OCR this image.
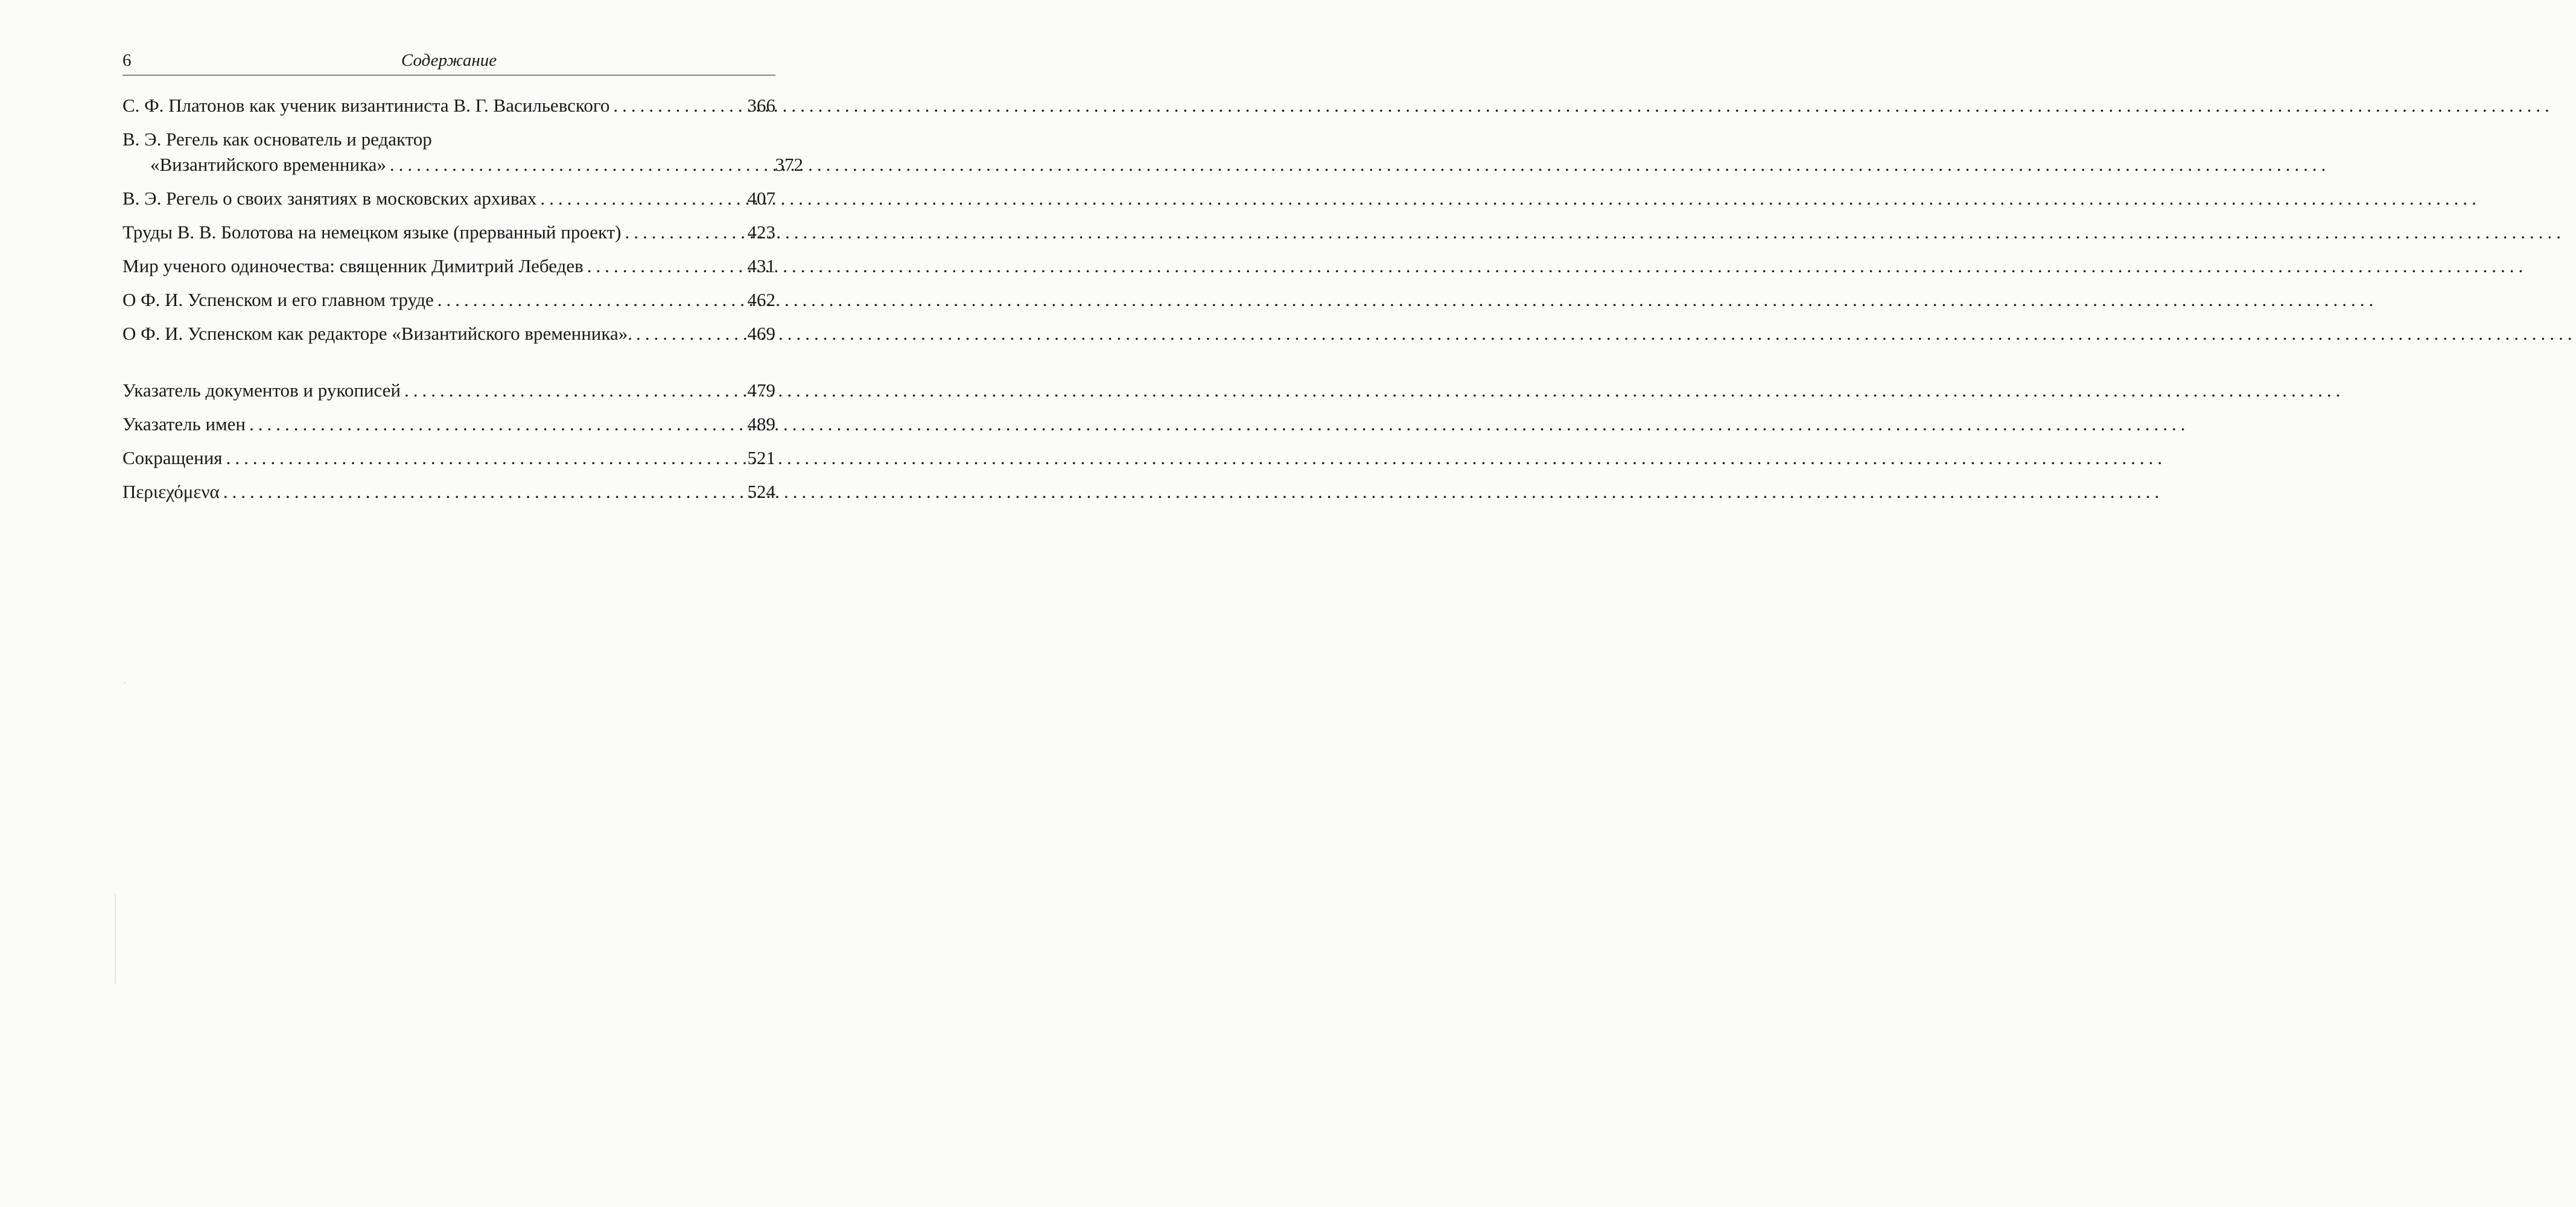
6	Содержание
С. Ф. Платонов как ученик византиниста В. Г. Васильевского .....	366
В. Э. Регель как основатель и редактор
«Византийского временника» .....	372
В. Э. Регель о своих занятиях в московских архивах .....	407
Труды В. В. Болотова на немецком языке (прерванный проект) .....	423
Мир ученого одиночества: священник Димитрий Лебедев .....	431
О Ф. И. Успенском и его главном труде .....	462
О Ф. И. Успенском как редакторе «Византийского временника». .....	469
Указатель документов и рукописей .....	479
Указатель имен .....	489
Сокращения .....	521
Περιεχόμενα .....	524
